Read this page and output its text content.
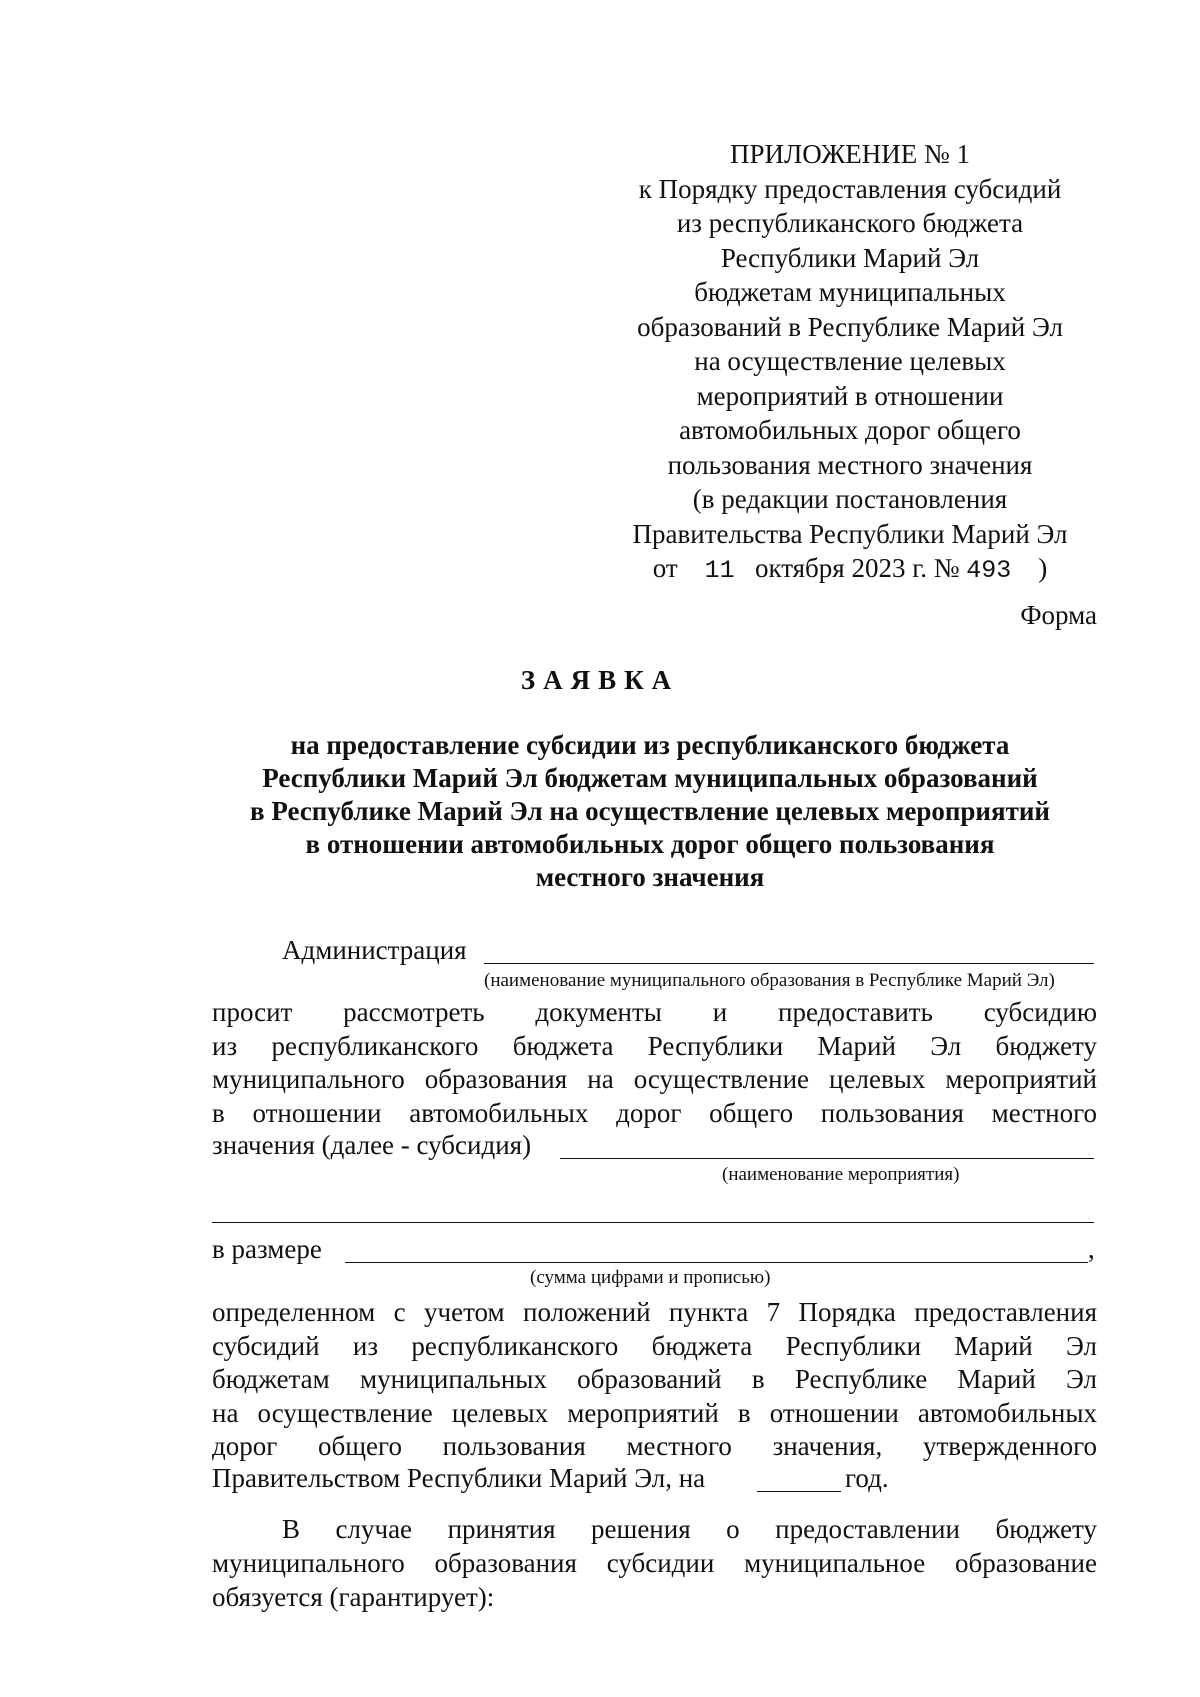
ПРИЛОЖЕНИЕ № 1
к Порядку предоставления субсидий
из республиканского бюджета
Республики Марий Эл
бюджетам муниципальных
образований в Республике Марий Эл
на осуществление целевых
мероприятий в отношении
автомобильных дорог общего
пользования местного значения
(в редакции постановления
Правительства Республики Марий Эл
от 11 октября 2023 г. № 493 )
Форма
ЗАЯВКА
на предоставление субсидии из республиканского бюджета
Республики Марий Эл бюджетам муниципальных образований
в Республике Марий Эл на осуществление целевых мероприятий
в отношении автомобильных дорог общего пользования
местного значения
Администрация
(наименование муниципального образования в Республике Марий Эл)
просит рассмотреть документы и предоставить субсидию
из республиканского бюджета Республики Марий Эл бюджету
муниципального образования на осуществление целевых мероприятий
в отношении автомобильных дорог общего пользования местного
значения (далее - субсидия)
(наименование мероприятия)
в размере	,
(сумма цифрами и прописью)
определенном с учетом положений пункта 7 Порядка предоставления
субсидий из республиканского бюджета Республики Марий Эл
бюджетам муниципальных образований в Республике Марий Эл
на осуществление целевых мероприятий в отношении автомобильных
дорог общего пользования местного значения, утвержденного
Правительством Республики Марий Эл, на	год.
В случае принятия решения о предоставлении бюджету
муниципального образования субсидии муниципальное образование
обязуется (гарантирует):
